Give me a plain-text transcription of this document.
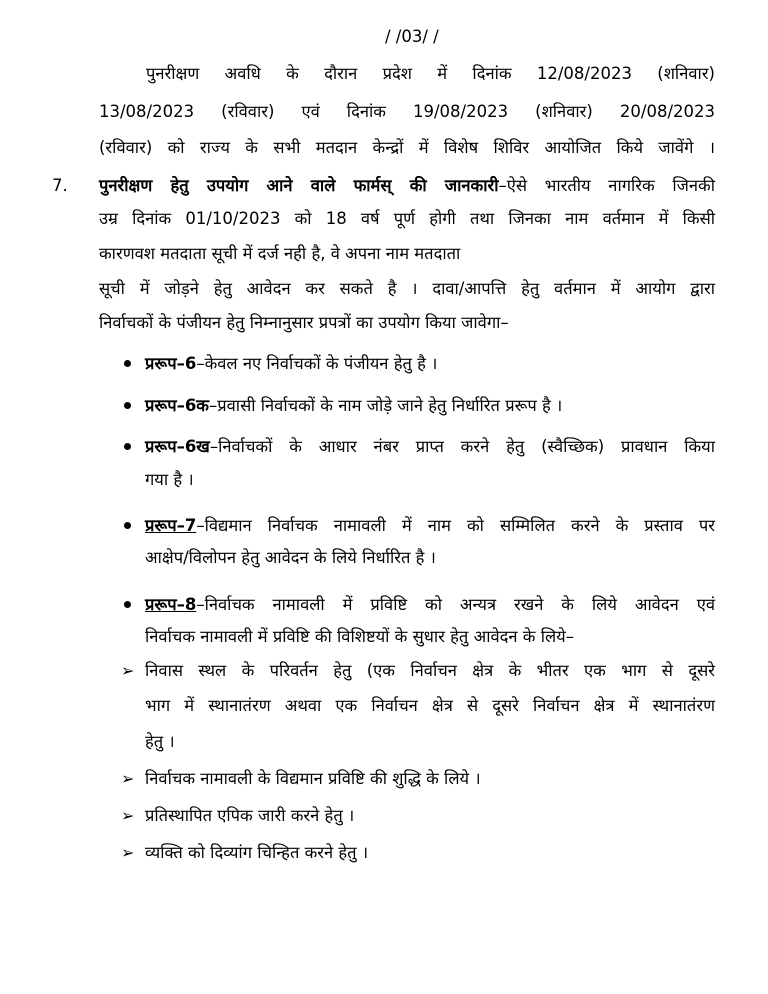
/ /03/ /
पुनरीक्षण अवधि के दौरान प्रदेश में दिनांक 12/08/2023 (शनिवार)
13/08/2023 (रविवार) एवं दिनांक 19/08/2023 (शनिवार) 20/08/2023
(रविवार) को राज्य के सभी मतदान केन्द्रों में विशेष शिविर आयोजित किये जावेंगे ।
7. पुनरीक्षण हेतु उपयोग आने वाले फार्मस् की जानकारी–ऐसे भारतीय नागरिक जिनकी
उम्र दिनांक 01/10/2023 को 18 वर्ष पूर्ण होगी तथा जिनका नाम वर्तमान में किसी
कारणवश मतदाता सूची में दर्ज नही है, वे अपना नाम मतदाता
सूची में जोड़ने हेतु आवेदन कर सकते है । दावा/आपत्ति हेतु वर्तमान में आयोग द्वारा
निर्वाचकों के पंजीयन हेतु निम्नानुसार प्रपत्रों का उपयोग किया जावेगा–
प्ररूप–6–केवल नए निर्वाचकों के पंजीयन हेतु है ।
प्ररूप–6क–प्रवासी निर्वाचकों के नाम जोड़े जाने हेतु निर्धारित प्ररूप है ।
प्ररूप–6ख–निर्वाचकों के आधार नंबर प्राप्त करने हेतु (स्वैच्छिक) प्रावधान किया
गया है ।
प्ररूप–7–विद्यमान निर्वाचक नामावली में नाम को सम्मिलित करने के प्रस्ताव पर
आक्षेप/विलोपन हेतु आवेदन के लिये निर्धारित है ।
प्ररूप–8–निर्वाचक नामावली में प्रविष्टि को अन्यत्र रखने के लिये आवेदन एवं
निर्वाचक नामावली में प्रविष्टि की विशिष्टयों के सुधार हेतु आवेदन के लिये–
➢ निवास स्थल के परिवर्तन हेतु (एक निर्वाचन क्षेत्र के भीतर एक भाग से दूसरे
भाग में स्थानातंरण अथवा एक निर्वाचन क्षेत्र से दूसरे निर्वाचन क्षेत्र में स्थानातंरण
हेतु ।
➢ निर्वाचक नामावली के विद्यमान प्रविष्टि की शुद्धि के लिये ।
➢ प्रतिस्थापित एपिक जारी करने हेतु ।
➢ व्यक्ति को दिव्यांग चिन्हित करने हेतु ।
